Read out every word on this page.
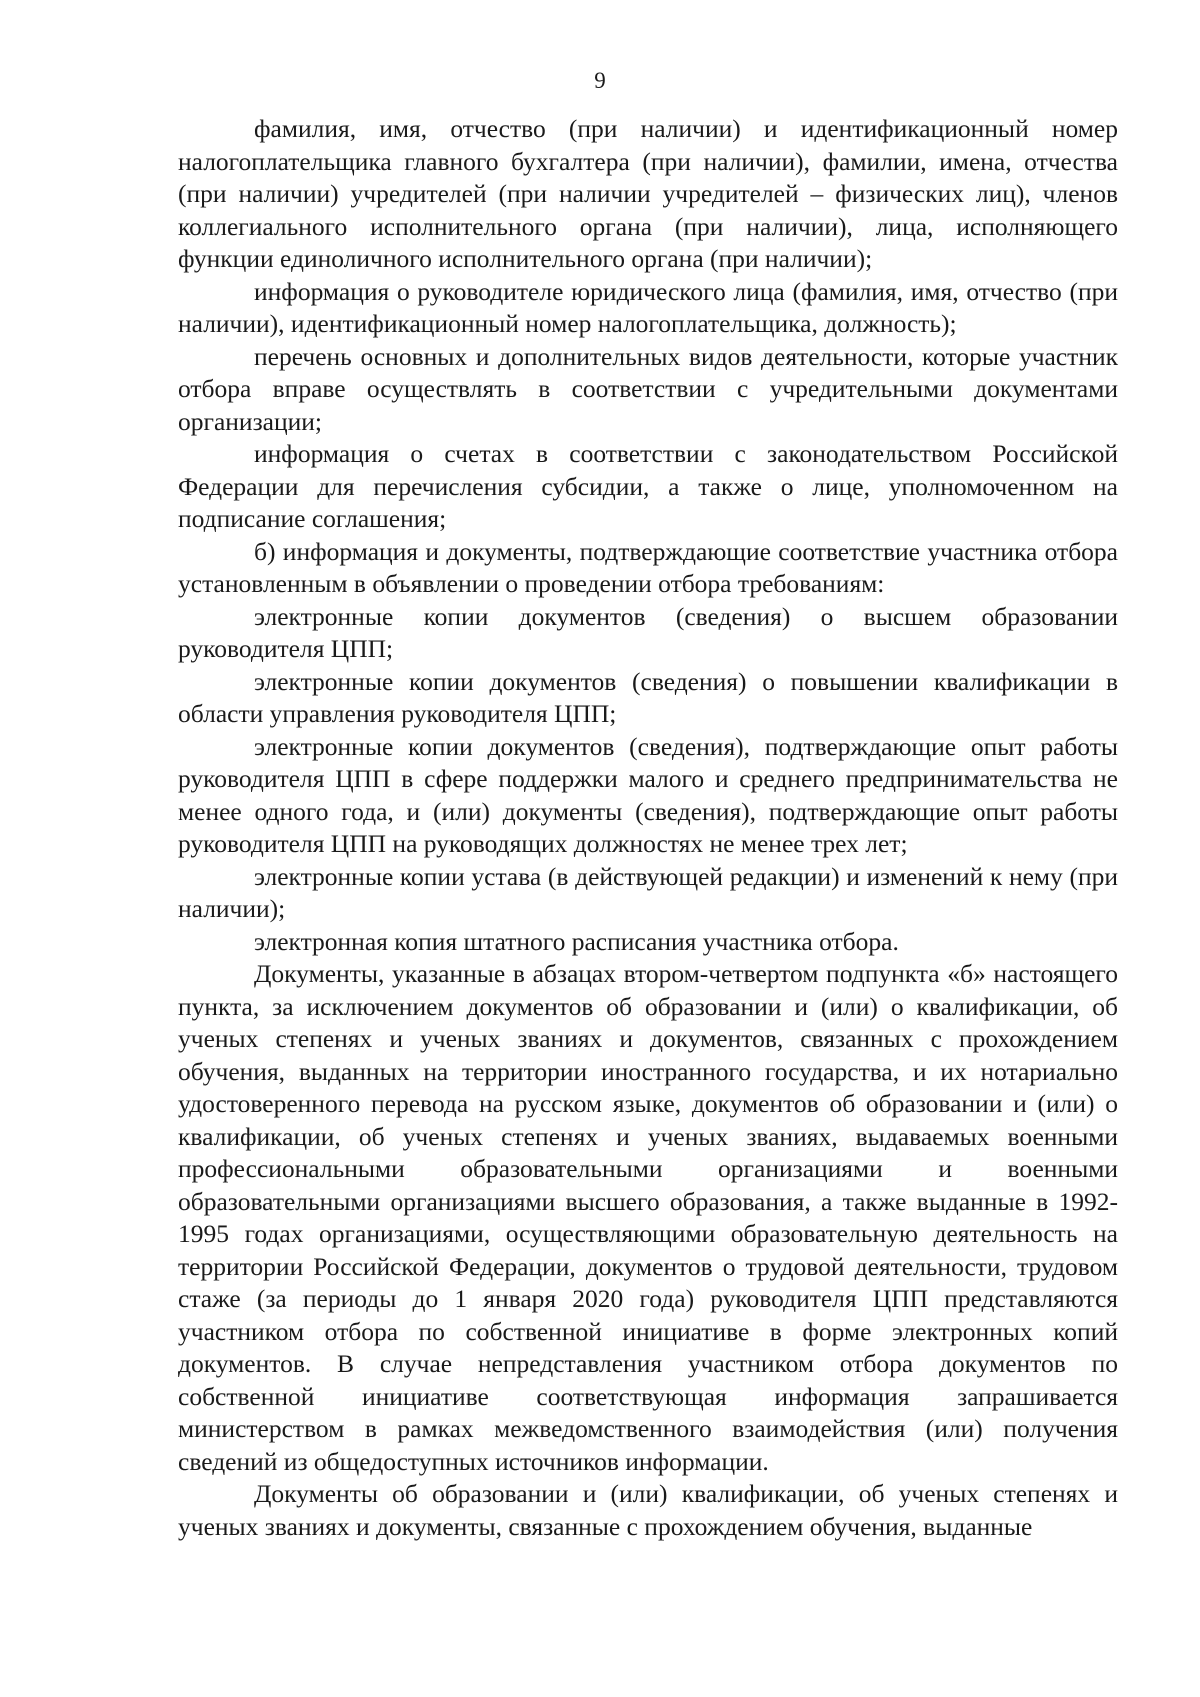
9

фамилия, имя, отчество (при наличии) и идентификационный номер налогоплательщика главного бухгалтера (при наличии), фамилии, имена, отчества (при наличии) учредителей (при наличии учредителей – физических лиц), членов коллегиального исполнительного органа (при наличии), лица, исполняющего функции единоличного исполнительного органа (при наличии);

информация о руководителе юридического лица (фамилия, имя, отчество (при наличии), идентификационный номер налогоплательщика, должность);

перечень основных и дополнительных видов деятельности, которые участник отбора вправе осуществлять в соответствии с учредительными документами организации;

информация о счетах в соответствии с законодательством Российской Федерации для перечисления субсидии, а также о лице, уполномоченном на подписание соглашения;

б) информация и документы, подтверждающие соответствие участника отбора установленным в объявлении о проведении отбора требованиям:

электронные копии документов (сведения) о высшем образовании руководителя ЦПП;

электронные копии документов (сведения) о повышении квалификации в области управления руководителя ЦПП;

электронные копии документов (сведения), подтверждающие опыт работы руководителя ЦПП в сфере поддержки малого и среднего предпринимательства не менее одного года, и (или) документы (сведения), подтверждающие опыт работы руководителя ЦПП на руководящих должностях не менее трех лет;

электронные копии устава (в действующей редакции) и изменений к нему (при наличии);

электронная копия штатного расписания участника отбора.

Документы, указанные в абзацах втором-четвертом подпункта «б» настоящего пункта, за исключением документов об образовании и (или) о квалификации, об ученых степенях и ученых званиях и документов, связанных с прохождением обучения, выданных на территории иностранного государства, и их нотариально удостоверенного перевода на русском языке, документов об образовании и (или) о квалификации, об ученых степенях и ученых званиях, выдаваемых военными профессиональными образовательными организациями и военными образовательными организациями высшего образования, а также выданные в 1992-1995 годах организациями, осуществляющими образовательную деятельность на территории Российской Федерации, документов о трудовой деятельности, трудовом стаже (за периоды до 1 января 2020 года) руководителя ЦПП представляются участником отбора по собственной инициативе в форме электронных копий документов. В случае непредставления участником отбора документов по собственной инициативе соответствующая информация запрашивается министерством в рамках межведомственного взаимодействия (или) получения сведений из общедоступных источников информации.

Документы об образовании и (или) квалификации, об ученых степенях и ученых званиях и документы, связанные с прохождением обучения, выданные
